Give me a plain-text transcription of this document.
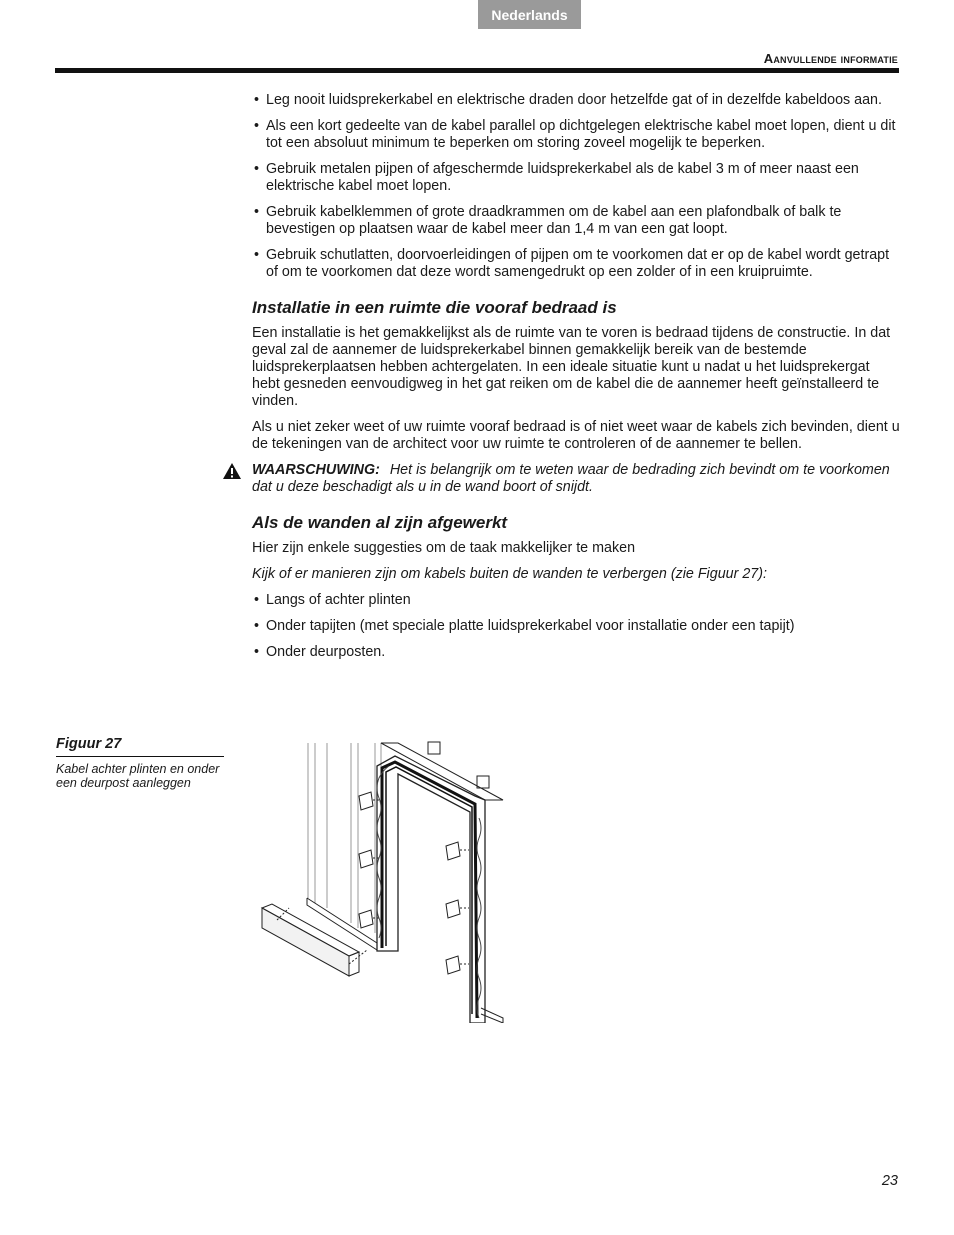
Nederlands
Aanvullende informatie
• Leg nooit luidsprekerkabel en elektrische draden door hetzelfde gat of in dezelfde kabeldoos aan.
• Als een kort gedeelte van de kabel parallel op dichtgelegen elektrische kabel moet lopen, dient u dit tot een absoluut minimum te beperken om storing zoveel mogelijk te beperken.
• Gebruik metalen pijpen of afgeschermde luidsprekerkabel als de kabel 3 m of meer naast een elektrische kabel moet lopen.
• Gebruik kabelklemmen of grote draadkrammen om de kabel aan een plafondbalk of balk te bevestigen op plaatsen waar de kabel meer dan 1,4 m van een gat loopt.
• Gebruik schutlatten, doorvoerleidingen of pijpen om te voorkomen dat er op de kabel wordt getrapt of om te voorkomen dat deze wordt samengedrukt op een zolder of in een kruipruimte.
Installatie in een ruimte die vooraf bedraad is

Een installatie is het gemakkelijkst als de ruimte van te voren is bedraad tijdens de constructie. In dat geval zal de aannemer de luidsprekerkabel binnen gemakkelijk bereik van de bestemde luidsprekerplaatsen hebben achtergelaten. In een ideale situatie kunt u nadat u het luidsprekergat hebt gesneden eenvoudigweg in het gat reiken om de kabel die de aannemer heeft geïnstalleerd te vinden.

Als u niet zeker weet of uw ruimte vooraf bedraad is of niet weet waar de kabels zich bevinden, dient u de tekeningen van de architect voor uw ruimte te controleren of de aannemer te bellen.

WAARSCHUWING: Het is belangrijk om te weten waar de bedrading zich bevindt om te voorkomen dat u deze beschadigt als u in de wand boort of snijdt.
Als de wanden al zijn afgewerkt

Hier zijn enkele suggesties om de taak makkelijker te maken

Kijk of er manieren zijn om kabels buiten de wanden te verbergen (zie Figuur 27):

• Langs of achter plinten
• Onder tapijten (met speciale platte luidsprekerkabel voor installatie onder een tapijt)
• Onder deurposten.
Figuur 27
Kabel achter plinten en onder een deurpost aanleggen
23
